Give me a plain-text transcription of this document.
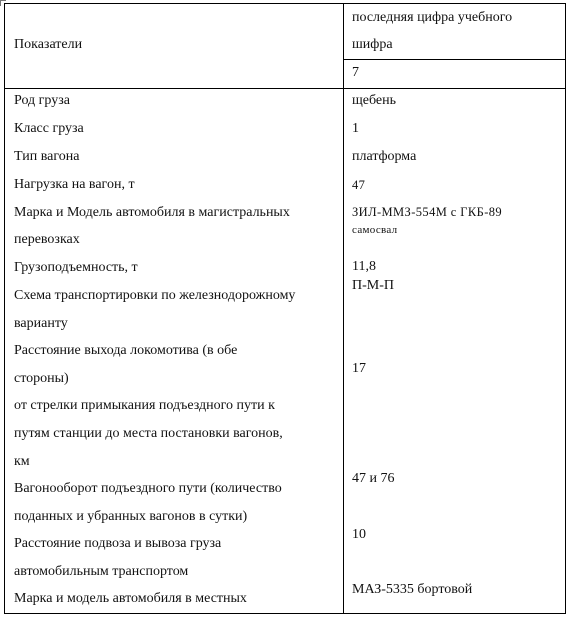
Показатели
последняя цифра учебного
шифра
7
Род груза
Класс груза
Тип вагона
Нагрузка на вагон, т
Марка и Модель автомобиля в магистральных
перевозках
Грузоподъемность, т
Схема транспортировки по железнодорожному
варианту
Расстояние выхода локомотива (в обе
стороны)
от стрелки примыкания подъездного пути к
путям станции до места постановки вагонов,
км
Вагонооборот подъездного пути (количество
поданных и убранных вагонов в сутки)
Расстояние подвоза и вывоза груза
автомобильным транспортом
Марка и модель автомобиля в местных
щебень
1
платформа
47
ЗИЛ-ММЗ-554М с ГКБ-89
самосвал
11,8
П-М-П
17
47 и 76
10
МАЗ-5335 бортовой
